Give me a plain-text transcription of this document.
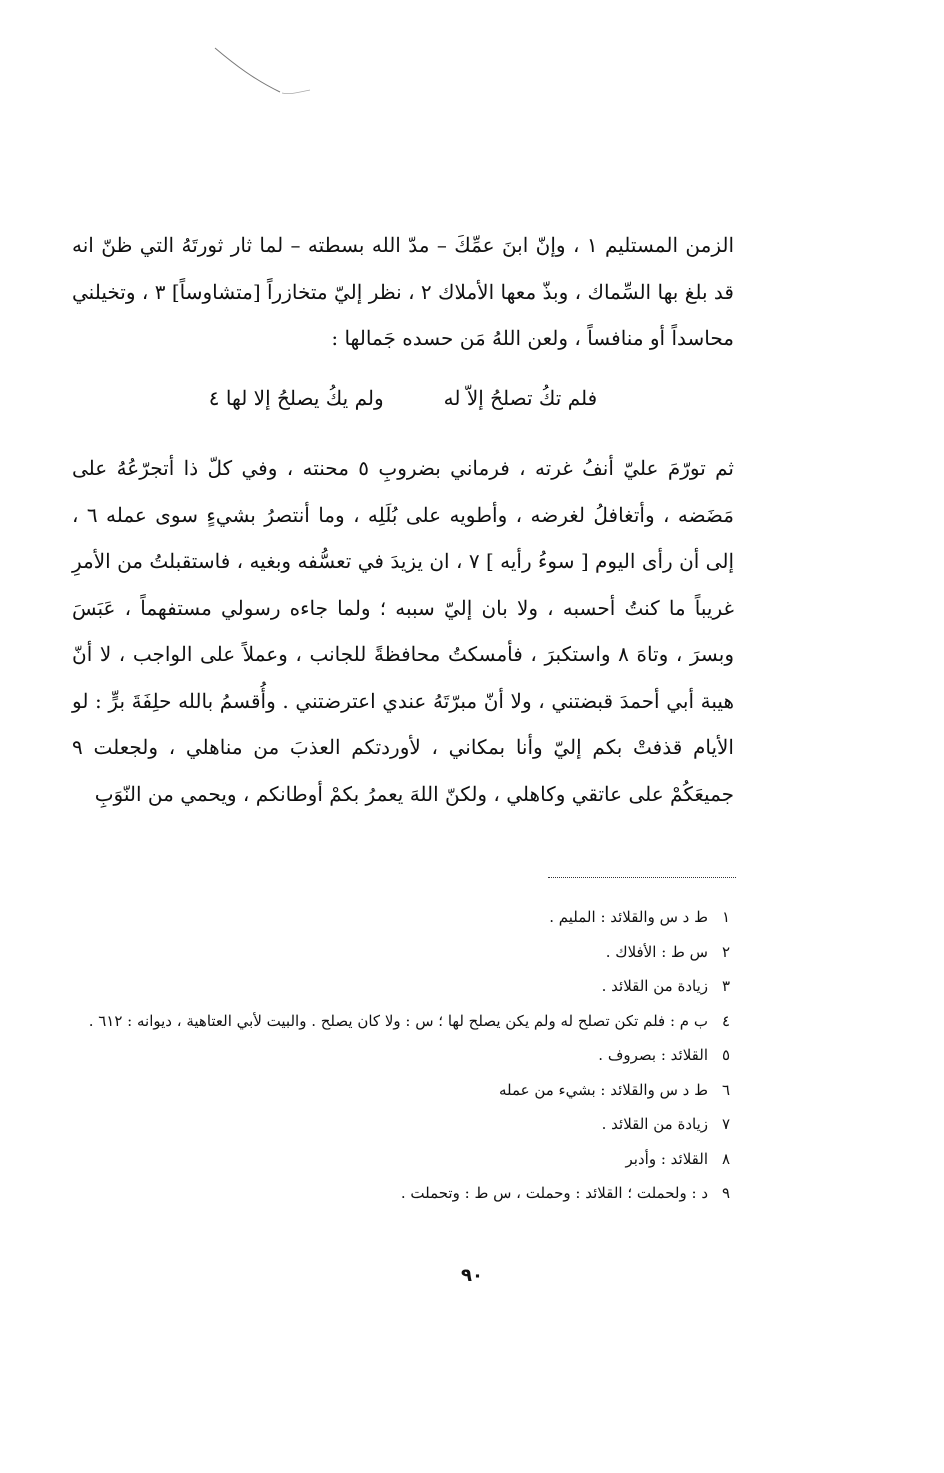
الزمن المستليم ١ ، وإنّ ابنَ عمِّكَ – مدّ الله بسطته – لما ثار ثورتَهُ التي ظنّ انه قد بلغ بها السِّماك ، وبذّ معها الأملاك ٢ ، نظر إليّ متخازراً [متشاوساً] ٣ ، وتخيلني محاسداً أو منافساً ، ولعن اللهُ مَن حسده جَمالها :

فلم تكُ تصلحُ إلاّ له
ولم يكُ يصلحُ إلا لها ٤

ثم تورّمَ عليّ أنفُ غرته ، فرماني بضروبِ ٥ محنته ، وفي كلّ ذا أتجرّعُهُ على مَضَضه ، وأتغافلُ لغرضه ، وأطويه على بُلَلِه ، وما أنتصرُ بشيءٍ سوى عمله ٦ ، إلى أن رأى اليوم [ سوءُ رأيه ] ٧ ، ان يزيدَ في تعسُّفه وبغيه ، فاستقبلتُ من الأمرِ غريباً ما كنتُ أحسبه ، ولا بان إليّ سببه ؛ ولما جاءه رسولي مستفهماً ، عَبَسَ وبسرَ ، وتاهَ ٨ واستكبرَ ، فأمسكتُ محافظةً للجانب ، وعملاً على الواجب ، لا أنّ هيبة أبي أحمدَ قبضتني ، ولا أنّ مبرّتَهُ عندي اعترضتني . وأُقسمُ بالله حلِفَةَ برٍّ : لو الأيام قذفتْ بكم إليّ وأنا بمكاني ، لأوردتكم العذبَ من مناهلي ، ولجعلت ٩ جميعَكُمْ على عاتقي وكاهلي ، ولكنّ اللهَ يعمرُ بكمْ أوطانكم ، ويحمي من النّوَبِ

١
ط د س والقلائد : المليم .
٢
س ط : الأفلاك .
٣
زيادة من القلائد .
٤
ب م : فلم تكن تصلح له ولم يكن يصلح لها ؛ س : ولا كان يصلح . والبيت لأبي العتاهية ، ديوانه : ٦١٢ .
٥
القلائد : بصروف .
٦
ط د س والقلائد : بشيء من عمله
٧
زيادة من القلائد .
٨
القلائد : وأدبر
٩
د : ولحملت ؛ القلائد : وحملت ، س ط : وتحملت .
٩٠
